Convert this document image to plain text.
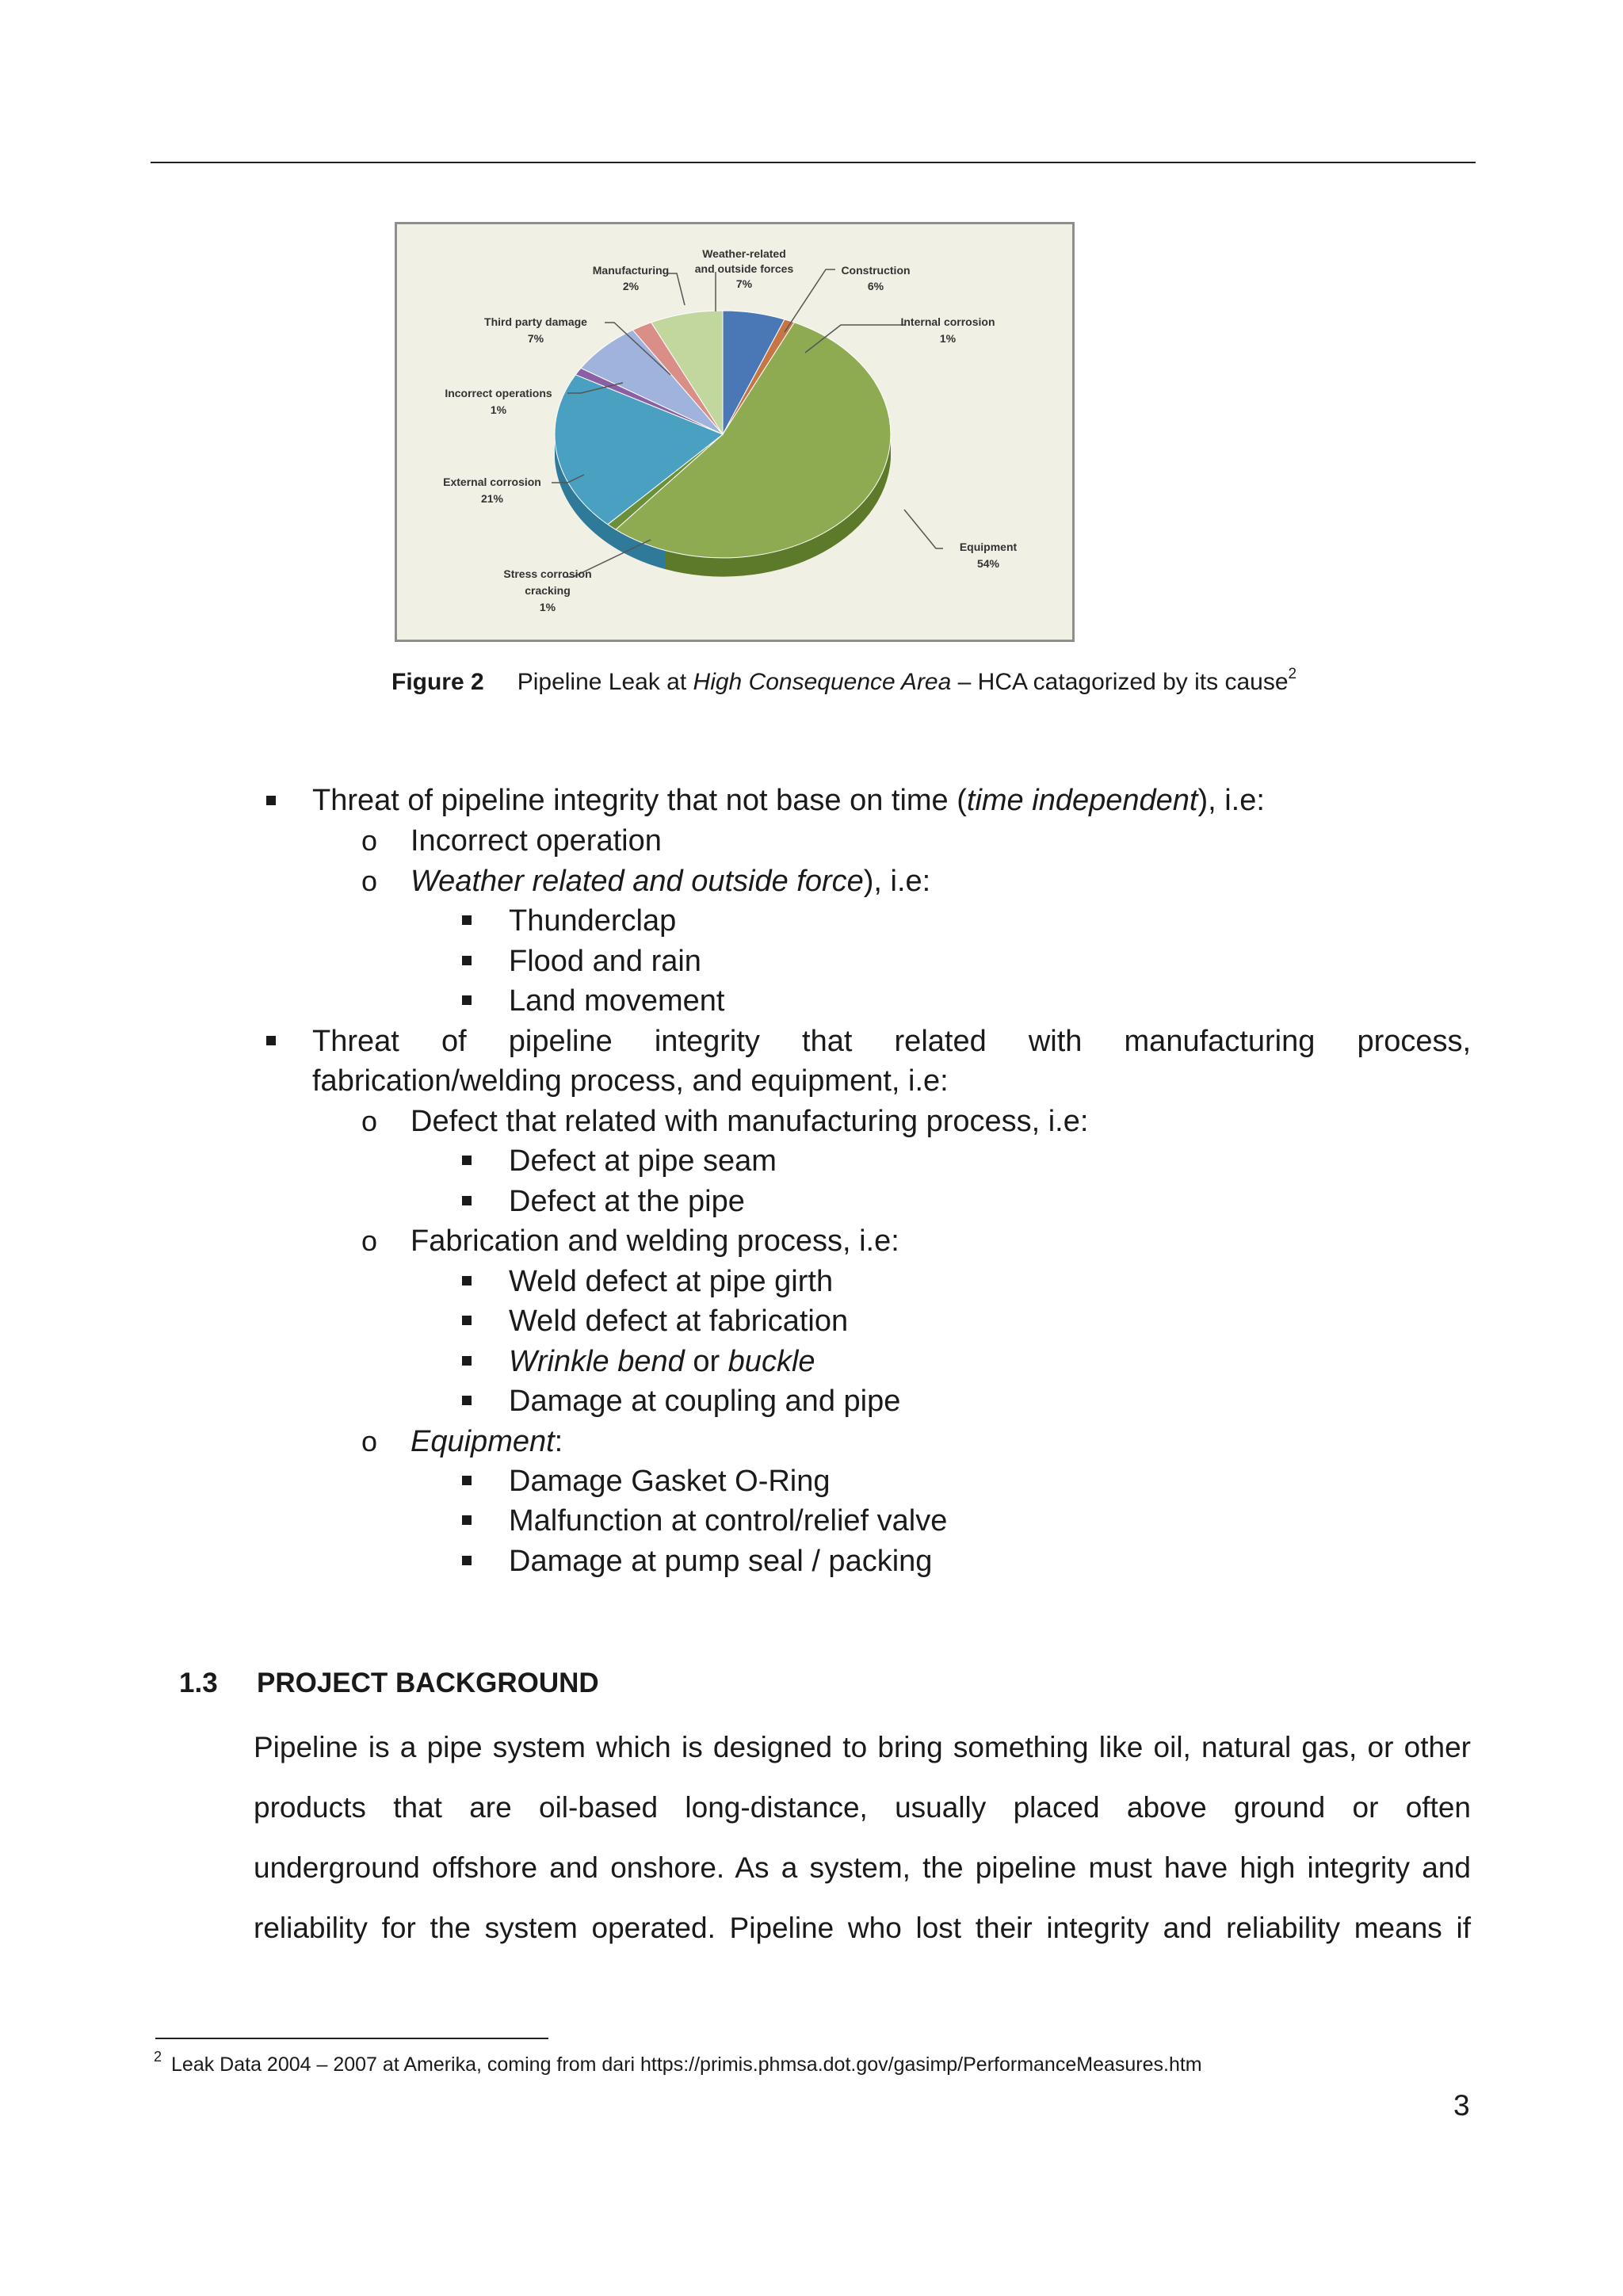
Manufacturing 2%
Weather-related and outside forces 7%
Construction 6%
Internal corrosion 1%
Third party damage 7%
Incorrect operations 1%
External corrosion 21%
Stress corrosion cracking 1%
Equipment 54%
Figure 2 Pipeline Leak at High Consequence Area – HCA catagorized by its cause$^2$
Threat of pipeline integrity that not base on time (time independent), i.e:
o Incorrect operation
o Weather related and outside force), i.e:
Thunderclap
Flood and rain
Land movement
Threat of pipeline integrity that related with manufacturing process,
fabrication/welding process, and equipment, i.e:
o Defect that related with manufacturing process, i.e:
Defect at pipe seam
Defect at the pipe
o Fabrication and welding process, i.e:
Weld defect at pipe girth
Weld defect at fabrication
Wrinkle bend or buckle
Damage at coupling and pipe
o Equipment:
Damage Gasket O-Ring
Malfunction at control/relief valve
Damage at pump seal / packing
1.3 PROJECT BACKGROUND
Pipeline is a pipe system which is designed to bring something like oil, natural gas, or other
products that are oil-based long-distance, usually placed above ground or often
underground offshore and onshore. As a system, the pipeline must have high integrity and
reliability for the system operated. Pipeline who lost their integrity and reliability means if
$^2$ Leak Data 2004 – 2007 at Amerika, coming from dari https://primis.phmsa.dot.gov/gasimp/PerformanceMeasures.htm
3
